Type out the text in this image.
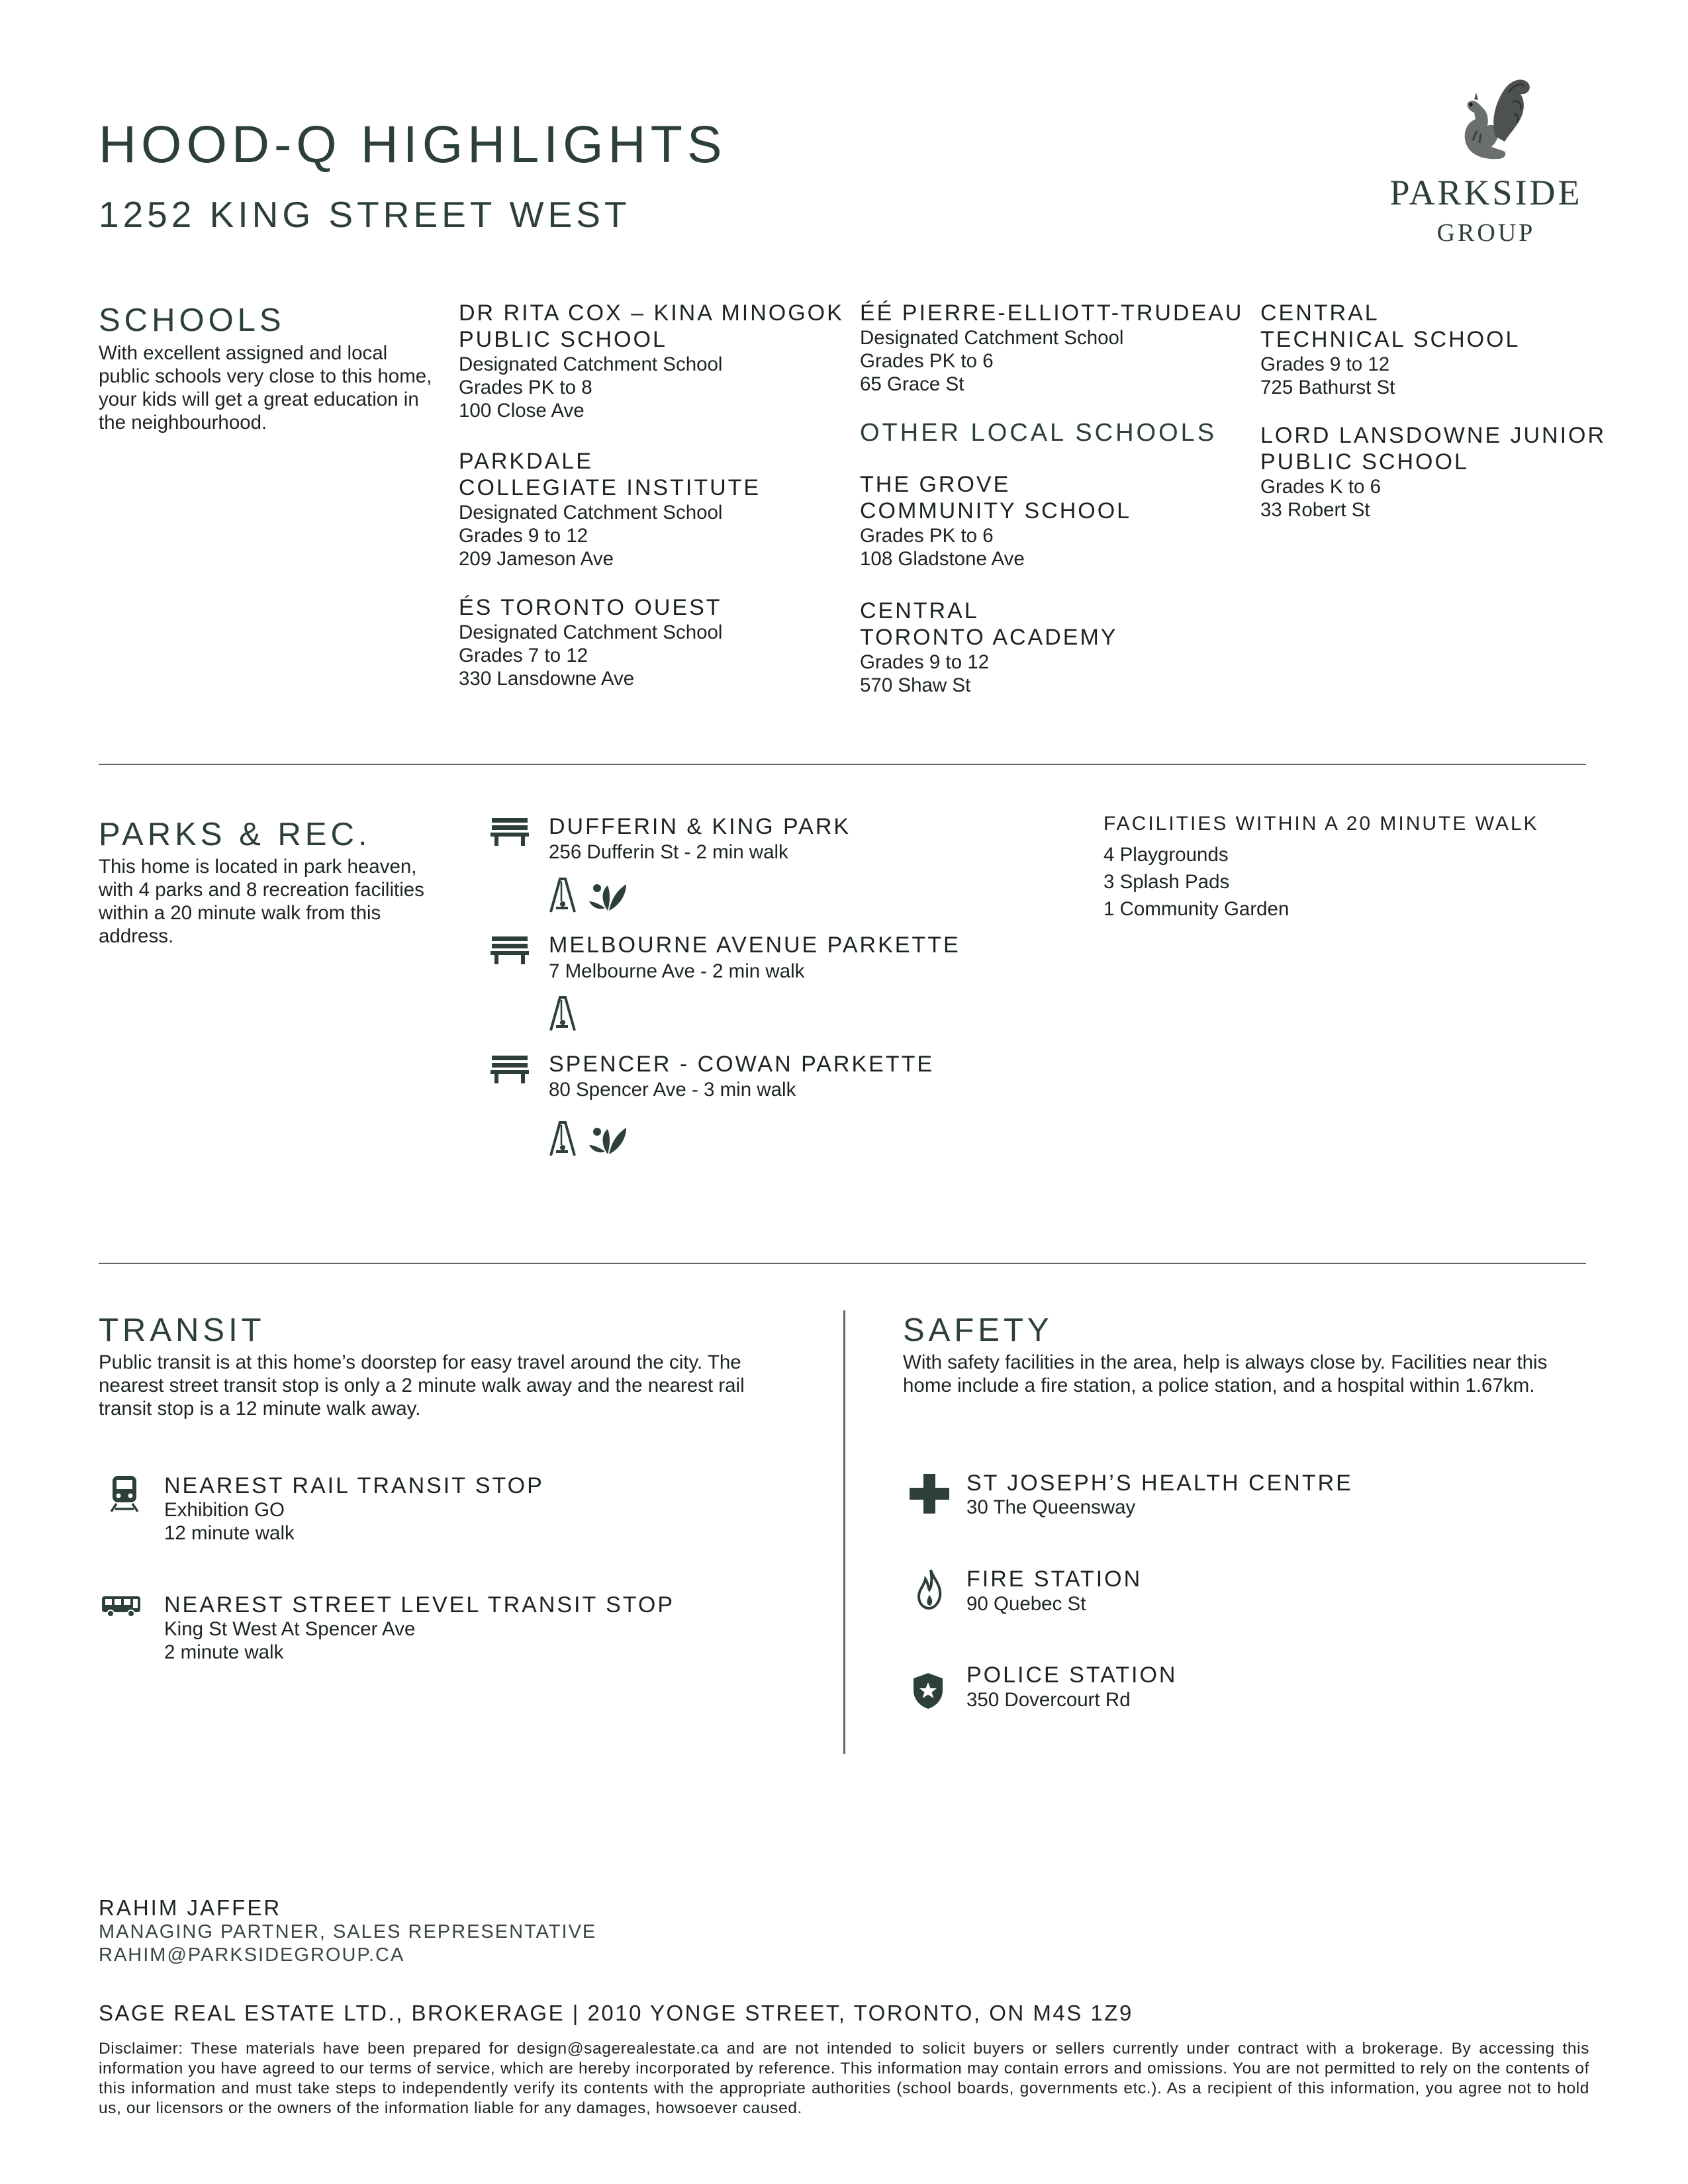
HOOD-Q HIGHLIGHTS
1252 KING STREET WEST
PARKSIDE
GROUP
SCHOOLS
With excellent assigned and local public schools very close to this home, your kids will get a great education in the neighbourhood.
DR RITA COX – KINA MINOGOK
PUBLIC SCHOOL
Designated Catchment School
Grades PK to 8
100 Close Ave
PARKDALE
COLLEGIATE INSTITUTE
Designated Catchment School
Grades 9 to 12
209 Jameson Ave
ÉS TORONTO OUEST
Designated Catchment School
Grades 7 to 12
330 Lansdowne Ave
ÉÉ PIERRE-ELLIOTT-TRUDEAU
Designated Catchment School
Grades PK to 6
65 Grace St
OTHER LOCAL SCHOOLS
THE GROVE
COMMUNITY SCHOOL
Grades PK to 6
108 Gladstone Ave
CENTRAL
TORONTO ACADEMY
Grades 9 to 12
570 Shaw St
CENTRAL
TECHNICAL SCHOOL
Grades 9 to 12
725 Bathurst St
LORD LANSDOWNE JUNIOR
PUBLIC SCHOOL
Grades K to 6
33 Robert St
PARKS & REC.
This home is located in park heaven, with 4 parks and 8 recreation facilities within a 20 minute walk from this address.
DUFFERIN & KING PARK
256 Dufferin St - 2 min walk
MELBOURNE AVENUE PARKETTE
7 Melbourne Ave - 2 min walk
SPENCER - COWAN PARKETTE
80 Spencer Ave - 3 min walk
FACILITIES WITHIN A 20 MINUTE WALK
4 Playgrounds
3 Splash Pads
1 Community Garden
TRANSIT
Public transit is at this home’s doorstep for easy travel around the city. The nearest street transit stop is only a 2 minute walk away and the nearest rail transit stop is a 12 minute walk away.
NEAREST RAIL TRANSIT STOP
Exhibition GO
12 minute walk
NEAREST STREET LEVEL TRANSIT STOP
King St West At Spencer Ave
2 minute walk
SAFETY
With safety facilities in the area, help is always close by. Facilities near this home include a fire station, a police station, and a hospital within 1.67km.
ST JOSEPH’S HEALTH CENTRE
30 The Queensway
FIRE STATION
90 Quebec St
POLICE STATION
350 Dovercourt Rd
RAHIM JAFFER
MANAGING PARTNER, SALES REPRESENTATIVE
RAHIM@PARKSIDEGROUP.CA
SAGE REAL ESTATE LTD., BROKERAGE | 2010 YONGE STREET, TORONTO, ON M4S 1Z9
Disclaimer: These materials have been prepared for design@sagerealestate.ca and are not intended to solicit buyers or sellers currently under contract with a brokerage. By accessing this information you have agreed to our terms of service, which are hereby incorporated by reference. This information may contain errors and omissions. You are not permitted to rely on the contents of this information and must take steps to independently verify its contents with the appropriate authorities (school boards, governments etc.). As a recipient of this information, you agree not to hold us, our licensors or the owners of the information liable for any damages, howsoever caused.
